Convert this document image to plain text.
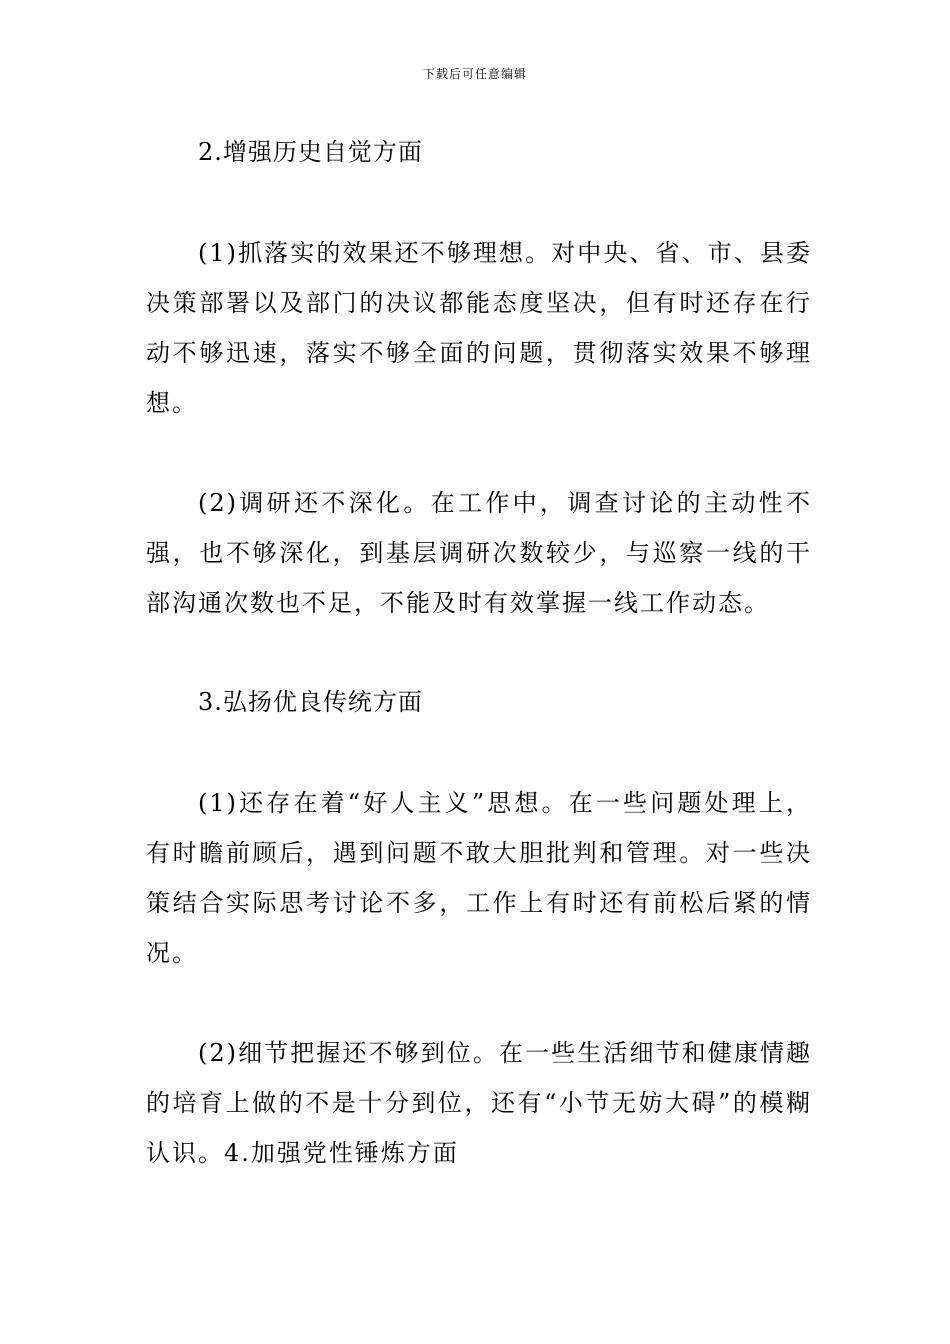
下载后可任意编辑

2.增强历史自觉方面

(1)抓落实的效果还不够理想。对中央、省、市、县委决策部署以及部门的决议都能态度坚决，但有时还存在行动不够迅速，落实不够全面的问题，贯彻落实效果不够理想。

(2)调研还不深化。在工作中，调查讨论的主动性不强，也不够深化，到基层调研次数较少，与巡察一线的干部沟通次数也不足，不能及时有效掌握一线工作动态。

3.弘扬优良传统方面

(1)还存在着“好人主义”思想。在一些问题处理上，有时瞻前顾后，遇到问题不敢大胆批判和管理。对一些决策结合实际思考讨论不多，工作上有时还有前松后紧的情况。

(2)细节把握还不够到位。在一些生活细节和健康情趣的培育上做的不是十分到位，还有“小节无妨大碍”的模糊认识。4.加强党性锤炼方面
